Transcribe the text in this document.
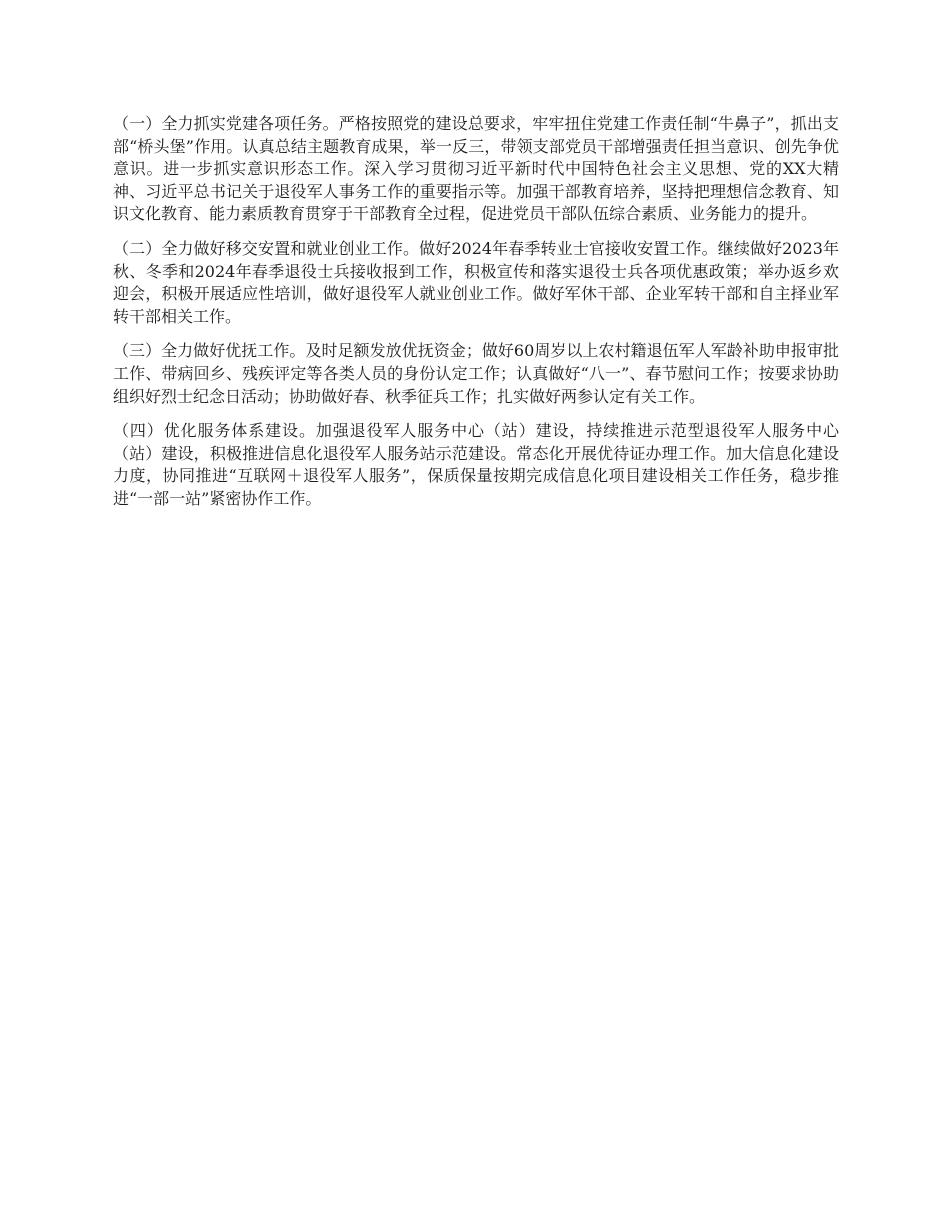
（一）全力抓实党建各项任务。严格按照党的建设总要求，牢牢扭住党建工作责任制“牛鼻子”，抓出支部“桥头堡”作用。认真总结主题教育成果，举一反三，带领支部党员干部增强责任担当意识、创先争优意识。进一步抓实意识形态工作。深入学习贯彻习近平新时代中国特色社会主义思想、党的XX大精神、习近平总书记关于退役军人事务工作的重要指示等。加强干部教育培养，坚持把理想信念教育、知识文化教育、能力素质教育贯穿于干部教育全过程，促进党员干部队伍综合素质、业务能力的提升。

（二）全力做好移交安置和就业创业工作。做好2024年春季转业士官接收安置工作。继续做好2023年秋、冬季和2024年春季退役士兵接收报到工作，积极宣传和落实退役士兵各项优惠政策；举办返乡欢迎会，积极开展适应性培训，做好退役军人就业创业工作。做好军休干部、企业军转干部和自主择业军转干部相关工作。

（三）全力做好优抚工作。及时足额发放优抚资金；做好60周岁以上农村籍退伍军人军龄补助申报审批工作、带病回乡、残疾评定等各类人员的身份认定工作；认真做好“八一”、春节慰问工作；按要求协助组织好烈士纪念日活动；协助做好春、秋季征兵工作；扎实做好两参认定有关工作。

（四）优化服务体系建设。加强退役军人服务中心（站）建设，持续推进示范型退役军人服务中心（站）建设，积极推进信息化退役军人服务站示范建设。常态化开展优待证办理工作。加大信息化建设力度，协同推进“互联网＋退役军人服务”，保质保量按期完成信息化项目建设相关工作任务，稳步推进“一部一站”紧密协作工作。
